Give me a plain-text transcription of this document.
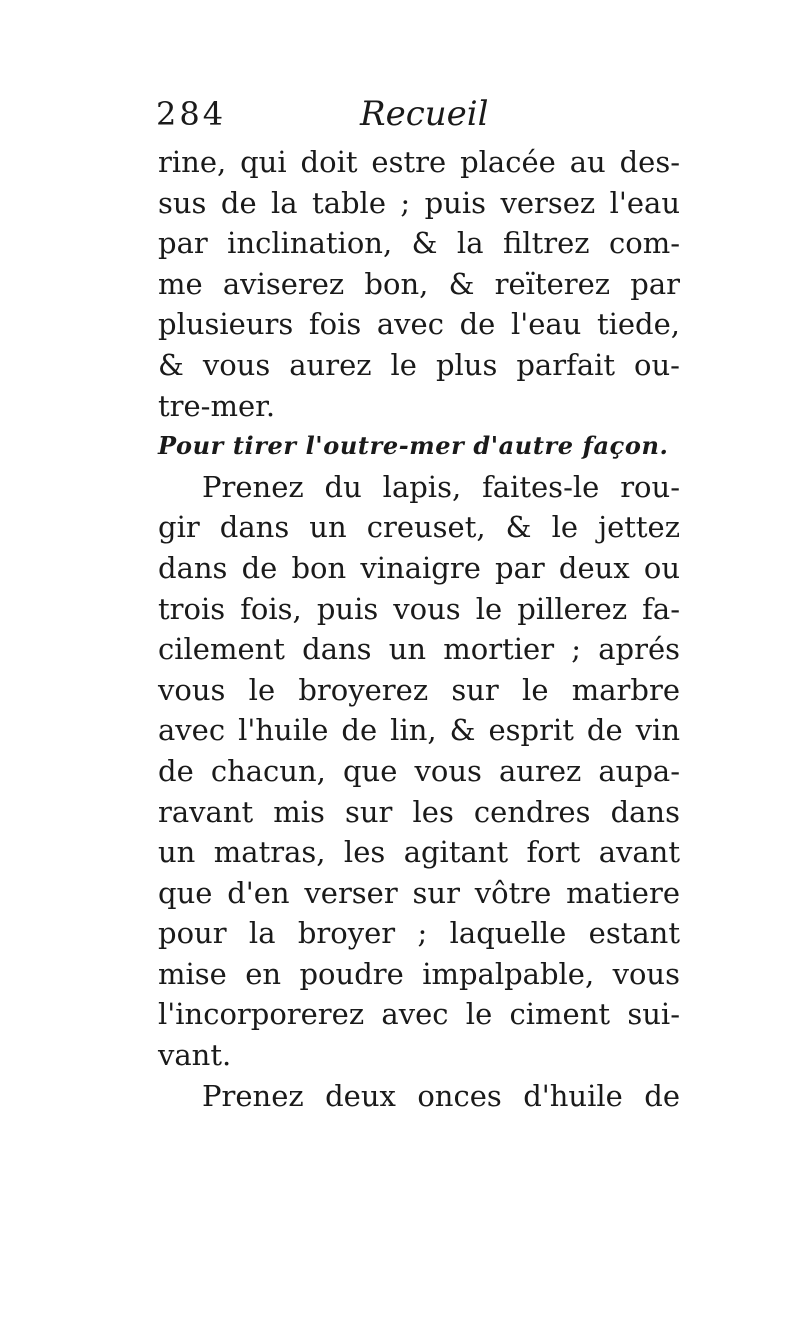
284	Recueil
rine, qui doit estre placée au des-
sus de la table ; puis versez l'eau
par inclination, & la filtrez com-
me aviserez bon, & reïterez par
plusieurs fois avec de l'eau tiede,
& vous aurez le plus parfait ou-
tre-mer.
Pour tirer l'outre-mer d'autre façon.
Prenez du lapis, faites-le rou-
gir dans un creuset, & le jettez
dans de bon vinaigre par deux ou
trois fois, puis vous le pillerez fa-
cilement dans un mortier ; aprés
vous le broyerez sur le marbre
avec l'huile de lin, & esprit de vin
de chacun, que vous aurez aupa-
ravant mis sur les cendres dans
un matras, les agitant fort avant
que d'en verser sur vôtre matiere
pour la broyer ; laquelle estant
mise en poudre impalpable, vous
l'incorporerez avec le ciment sui-
vant.
Prenez deux onces d'huile de
